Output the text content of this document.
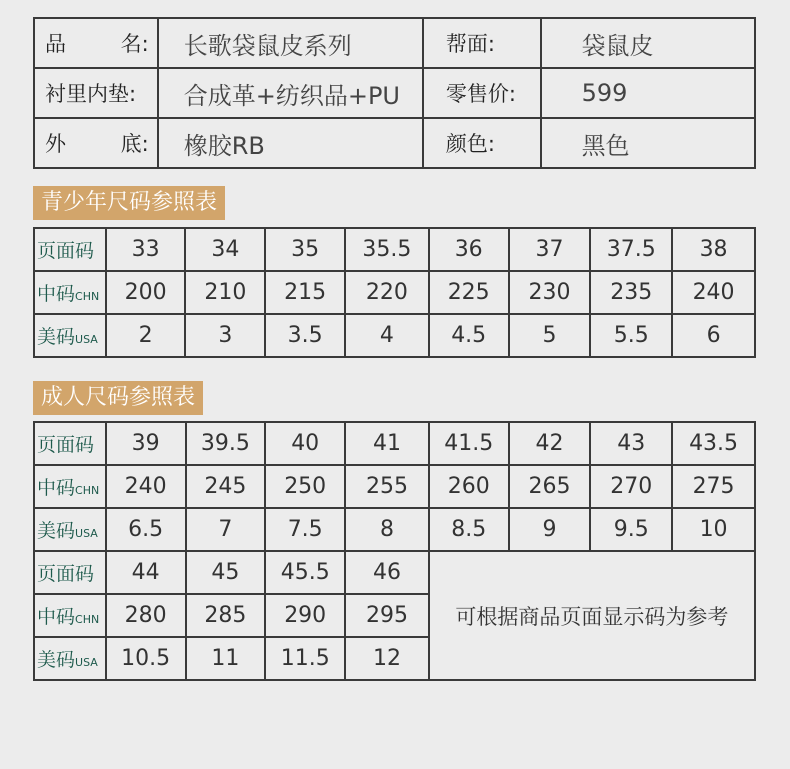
品 名:	长歌袋鼠皮系列	帮面:	袋鼠皮
衬里内垫:	合成革+纺织品+PU	零售价:	599

外 底:	橡胶RB	颜色:	黑色
青少年尺码参照表
页面码	33	34	35	35.5	36	37	37.5	38
中码CHN	200	210	215	220	225	230	235	240
美码USA	2	3	3.5	4	4.5	5	5.5	6
成人尺码参照表
页面码	39	39.5	40	41	41.5	42	43	43.5
中码CHN	240	245	250	255	260	265	270	275
美码USA	6.5	7	7.5	8	8.5	9	9.5	10
页面码	44	45	45.5	46	可根据商品页面显示码为参考			
中码CHN	280	285	290	295				
美码USA	10.5	11	11.5	12				
